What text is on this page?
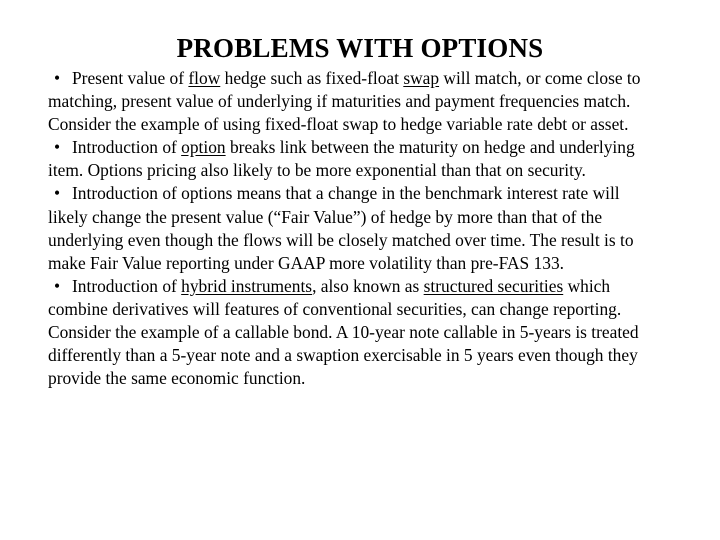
PROBLEMS WITH OPTIONS

• Present value of flow hedge such as fixed-float swap will match, or come close to matching, present value of underlying if maturities and payment frequencies match. Consider the example of using fixed-float swap to hedge variable rate debt or asset.

• Introduction of option breaks link between the maturity on hedge and underlying item. Options pricing also likely to be more exponential than that on security.

• Introduction of options means that a change in the benchmark interest rate will likely change the present value (“Fair Value”) of hedge by more than that of the underlying even though the flows will be closely matched over time. The result is to make Fair Value reporting under GAAP more volatility than pre-FAS 133.

• Introduction of hybrid instruments, also known as structured securities which combine derivatives will features of conventional securities, can change reporting. Consider the example of a callable bond. A 10-year note callable in 5-years is treated differently than a 5-year note and a swaption exercisable in 5 years even though they provide the same economic function.
